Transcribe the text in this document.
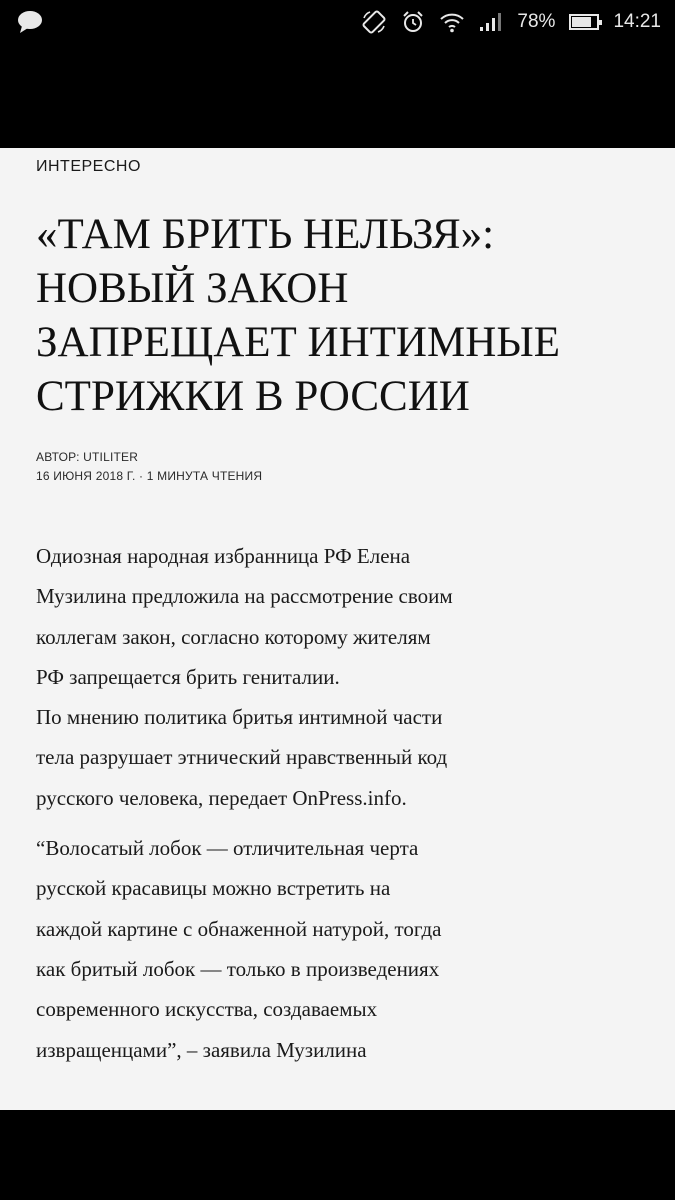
78%	14:21
ИНТЕРЕСНО
«ТАМ БРИТЬ НЕЛЬЗЯ»:
НОВЫЙ ЗАКОН
ЗАПРЕЩАЕТ ИНТИМНЫЕ
СТРИЖКИ В РОССИИ
АВТОР: UTILITER
16 ИЮНЯ 2018 Г. · 1 МИНУТА ЧТЕНИЯ
Одиозная народная избранница РФ Елена
Музилина предложила на рассмотрение своим
коллегам закон, согласно которому жителям
РФ запрещается брить гениталии.
По мнению политика бритья интимной части
тела разрушает этнический нравственный код
русского человека, передает OnPress.info.
“Волосатый лобок — отличительная черта
русской красавицы можно встретить на
каждой картине с обнаженной натурой, тогда
как бритый лобок — только в произведениях
современного искусства, создаваемых
извращенцами”, – заявила Музилина
